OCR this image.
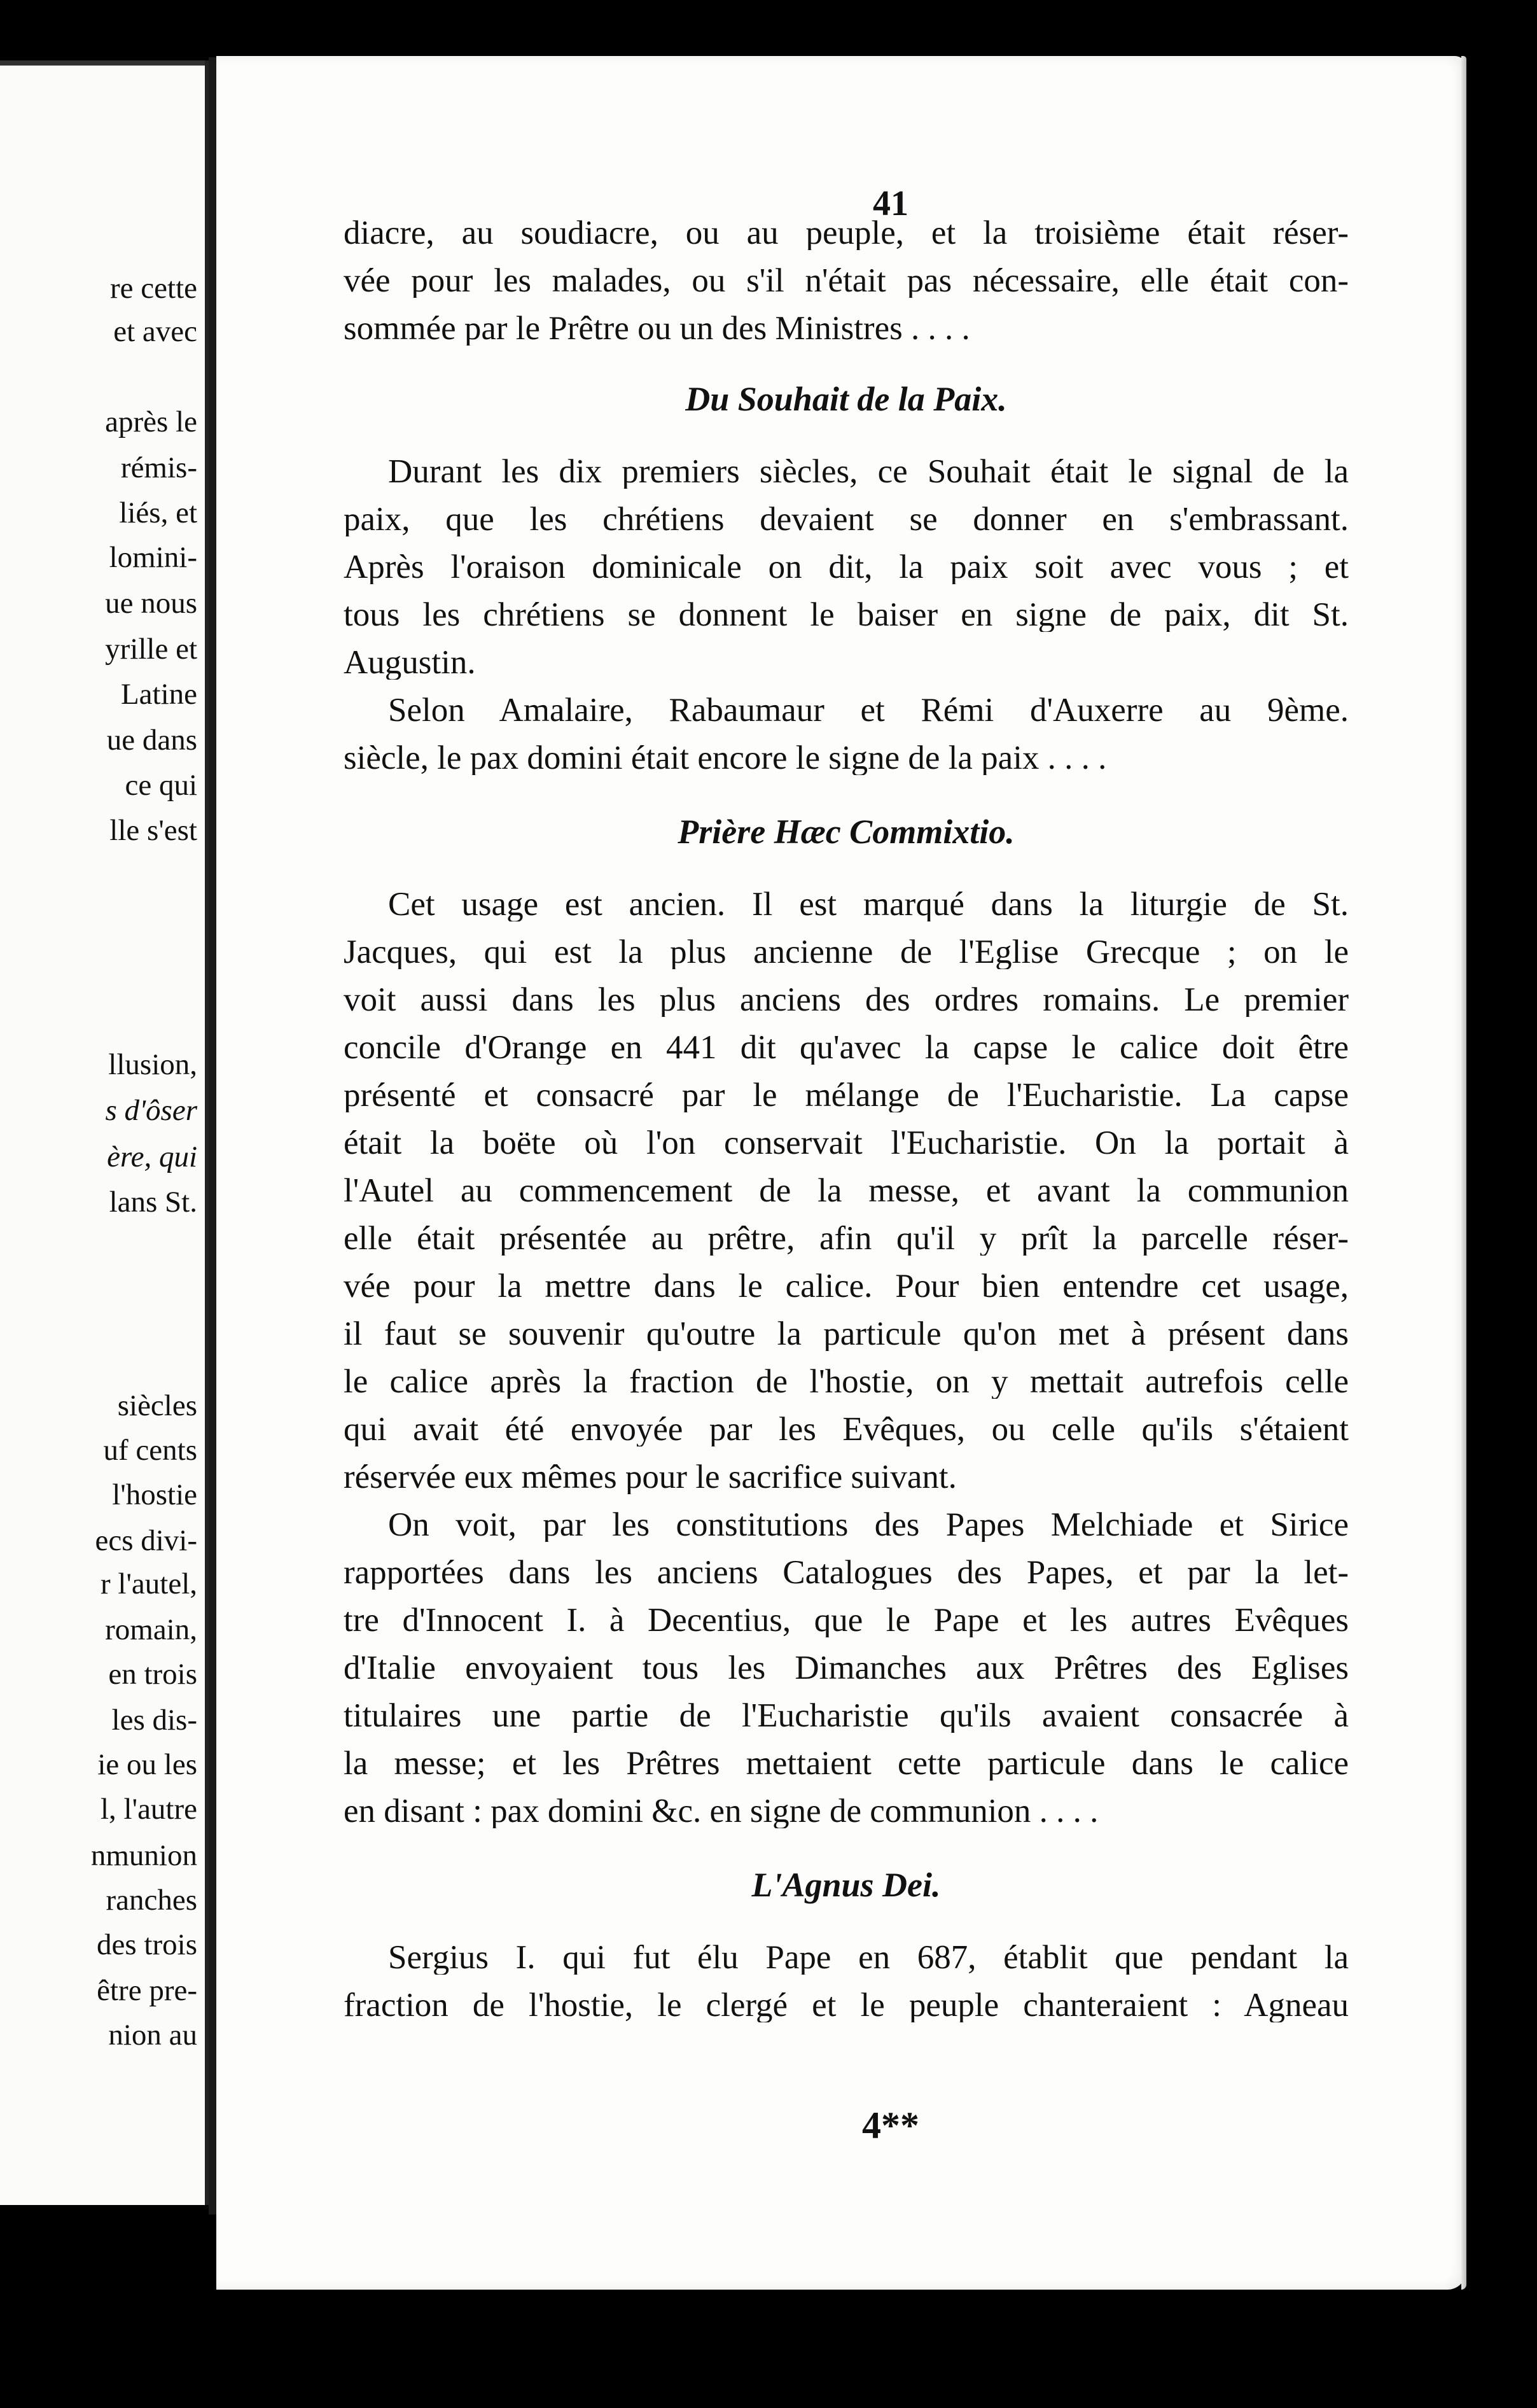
re cette
et avec
après le
rémis-
liés, et
lomini-
ue nous
yrille et
Latine
ue dans
ce qui
lle s'est
llusion,
s d'ôser
ère, qui
lans St.
siècles
uf cents
l'hostie
ecs divi-
r l'autel,
romain,
en trois
les dis-
ie ou les
l, l'autre
nmunion
ranches
des trois
être pre-
nion au
41
diacre, au soudiacre, ou au peuple, et la troisième était réser-
vée pour les malades, ou s'il n'était pas nécessaire, elle était con-
sommée par le Prêtre ou un des Ministres . . . .
Du Souhait de la Paix.
Durant les dix premiers siècles, ce Souhait était le signal de la
paix, que les chrétiens devaient se donner en s'embrassant.
Après l'oraison dominicale on dit, la paix soit avec vous ; et
tous les chrétiens se donnent le baiser en signe de paix, dit St.
Augustin.
Selon Amalaire, Rabaumaur et Rémi d'Auxerre au 9ème.
siècle, le pax domini était encore le signe de la paix . . . .
Prière Hæc Commixtio.
Cet usage est ancien. Il est marqué dans la liturgie de St.
Jacques, qui est la plus ancienne de l'Eglise Grecque ; on le
voit aussi dans les plus anciens des ordres romains. Le premier
concile d'Orange en 441 dit qu'avec la capse le calice doit être
présenté et consacré par le mélange de l'Eucharistie. La capse
était la boëte où l'on conservait l'Eucharistie. On la portait à
l'Autel au commencement de la messe, et avant la communion
elle était présentée au prêtre, afin qu'il y prît la parcelle réser-
vée pour la mettre dans le calice. Pour bien entendre cet usage,
il faut se souvenir qu'outre la particule qu'on met à présent dans
le calice après la fraction de l'hostie, on y mettait autrefois celle
qui avait été envoyée par les Evêques, ou celle qu'ils s'étaient
réservée eux mêmes pour le sacrifice suivant.
On voit, par les constitutions des Papes Melchiade et Sirice
rapportées dans les anciens Catalogues des Papes, et par la let-
tre d'Innocent I. à Decentius, que le Pape et les autres Evêques
d'Italie envoyaient tous les Dimanches aux Prêtres des Eglises
titulaires une partie de l'Eucharistie qu'ils avaient consacrée à
la messe; et les Prêtres mettaient cette particule dans le calice
en disant : pax domini &c. en signe de communion . . . .
L'Agnus Dei.
Sergius I. qui fut élu Pape en 687, établit que pendant la
fraction de l'hostie, le clergé et le peuple chanteraient : Agneau
4**
